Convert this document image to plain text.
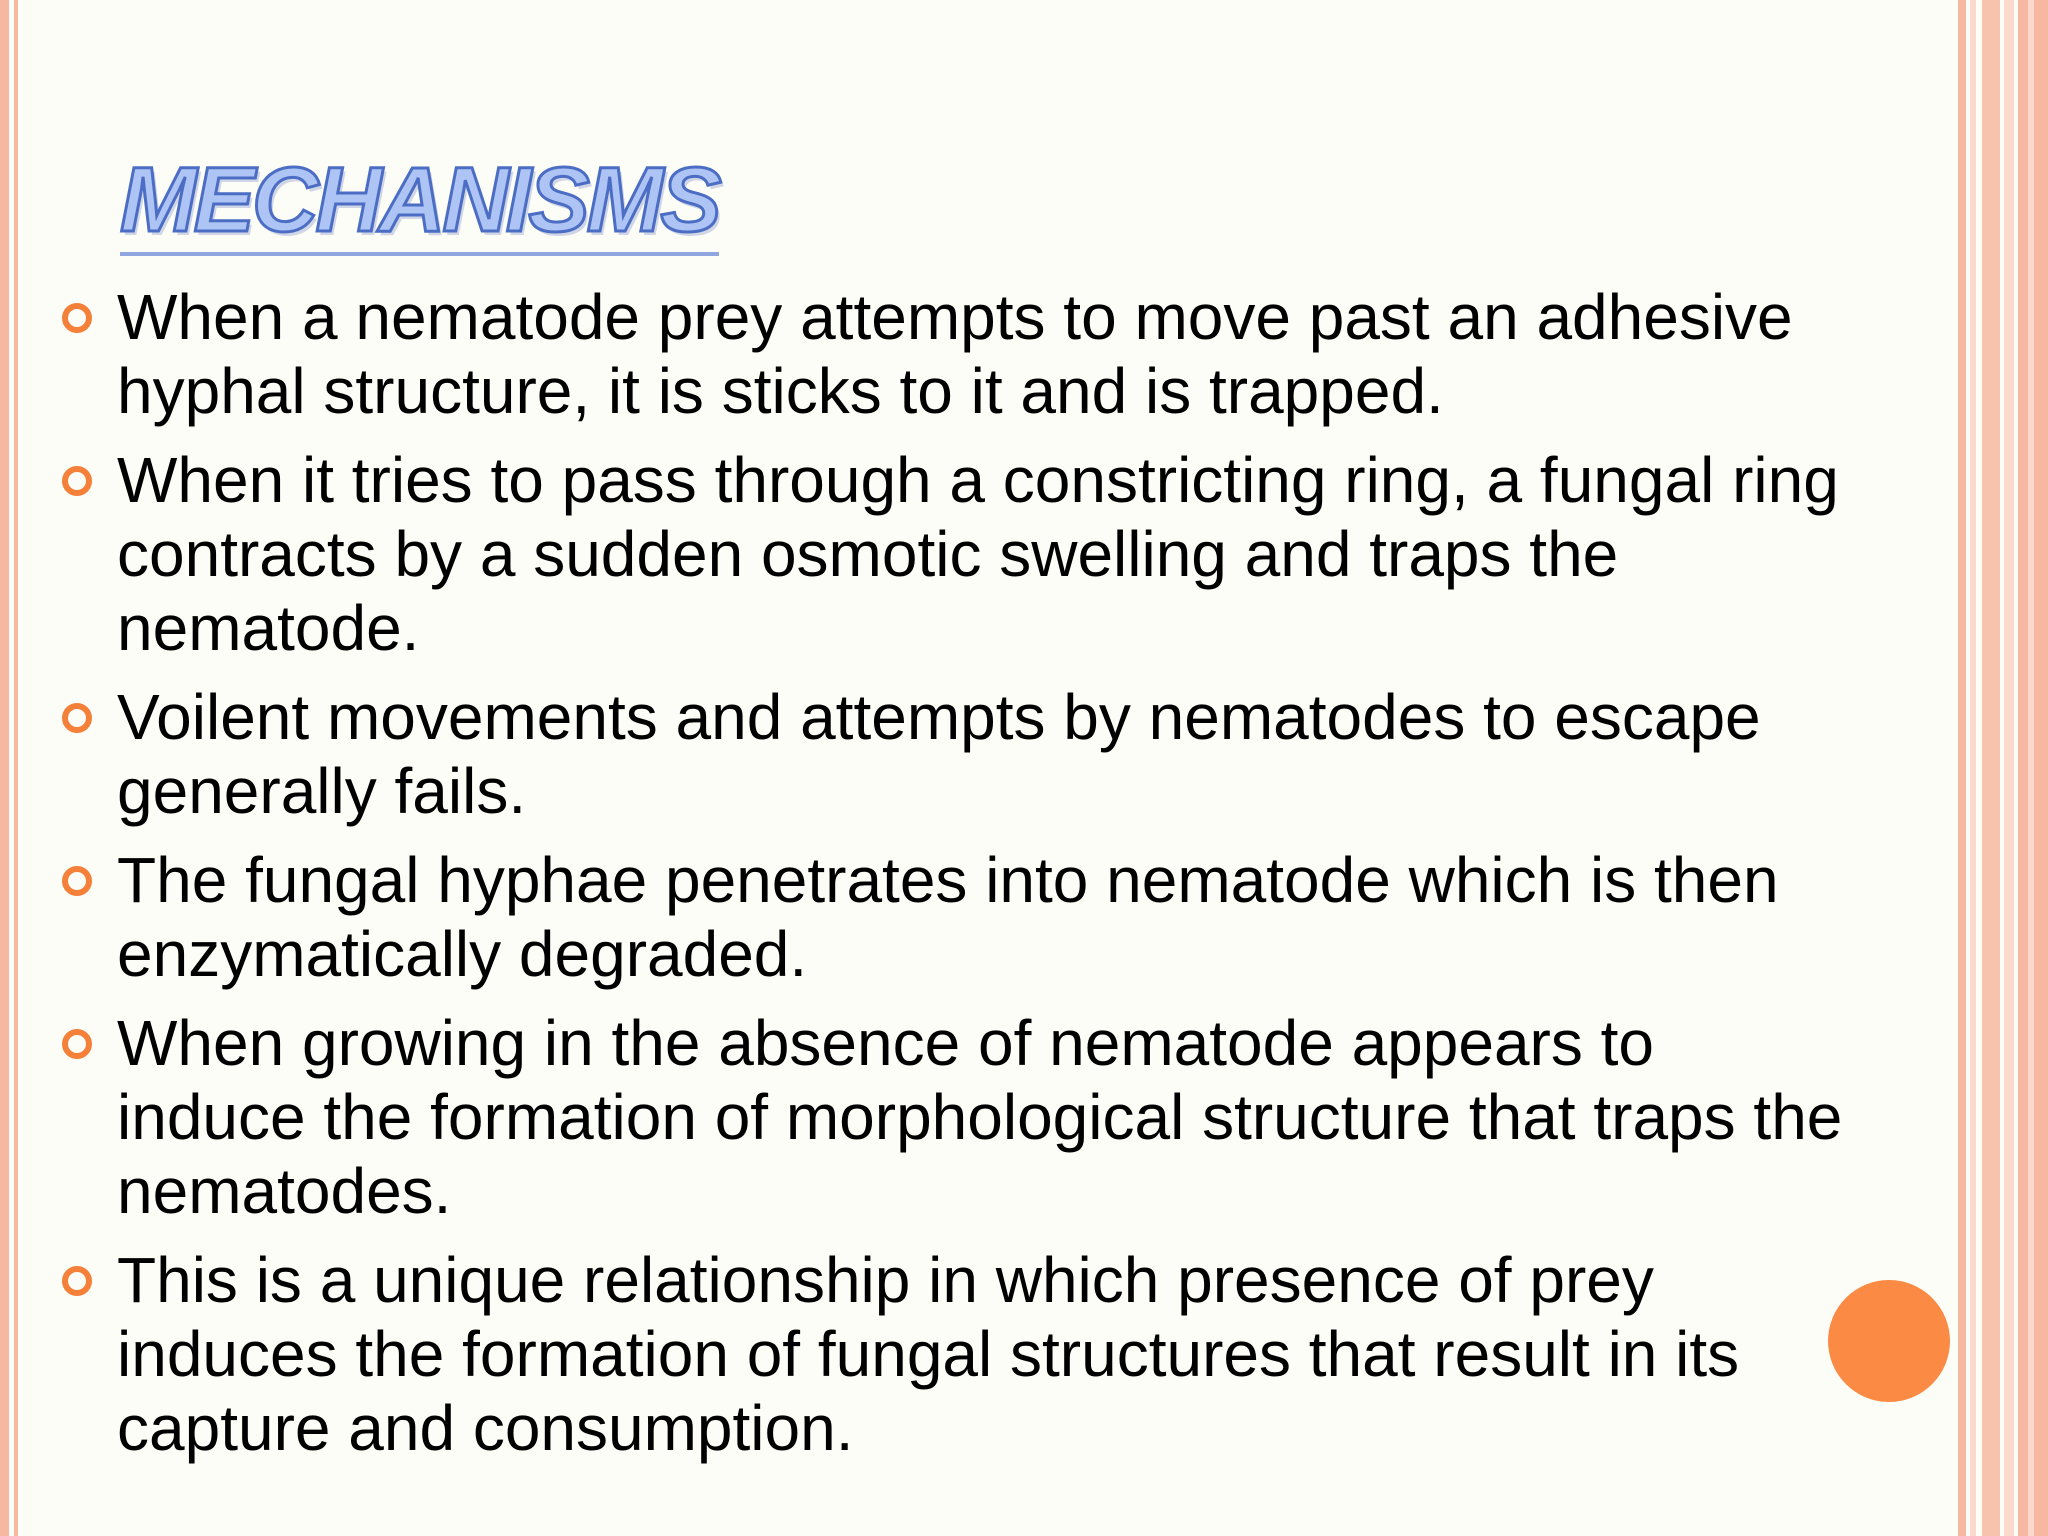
MECHANISMS
When a nematode prey attempts to move past an adhesive
hyphal structure, it is sticks to it and is trapped.
When it tries to pass through a constricting ring, a fungal ring
contracts by a sudden osmotic swelling and traps the
nematode.
Voilent movements and attempts by nematodes to escape
generally fails.
The fungal hyphae penetrates into nematode which is then
enzymatically degraded.
When growing in the absence of nematode appears to
induce the formation of morphological structure that traps the
nematodes.
This is a unique relationship in which presence of prey
induces the formation of fungal structures that result in its
capture and consumption.
